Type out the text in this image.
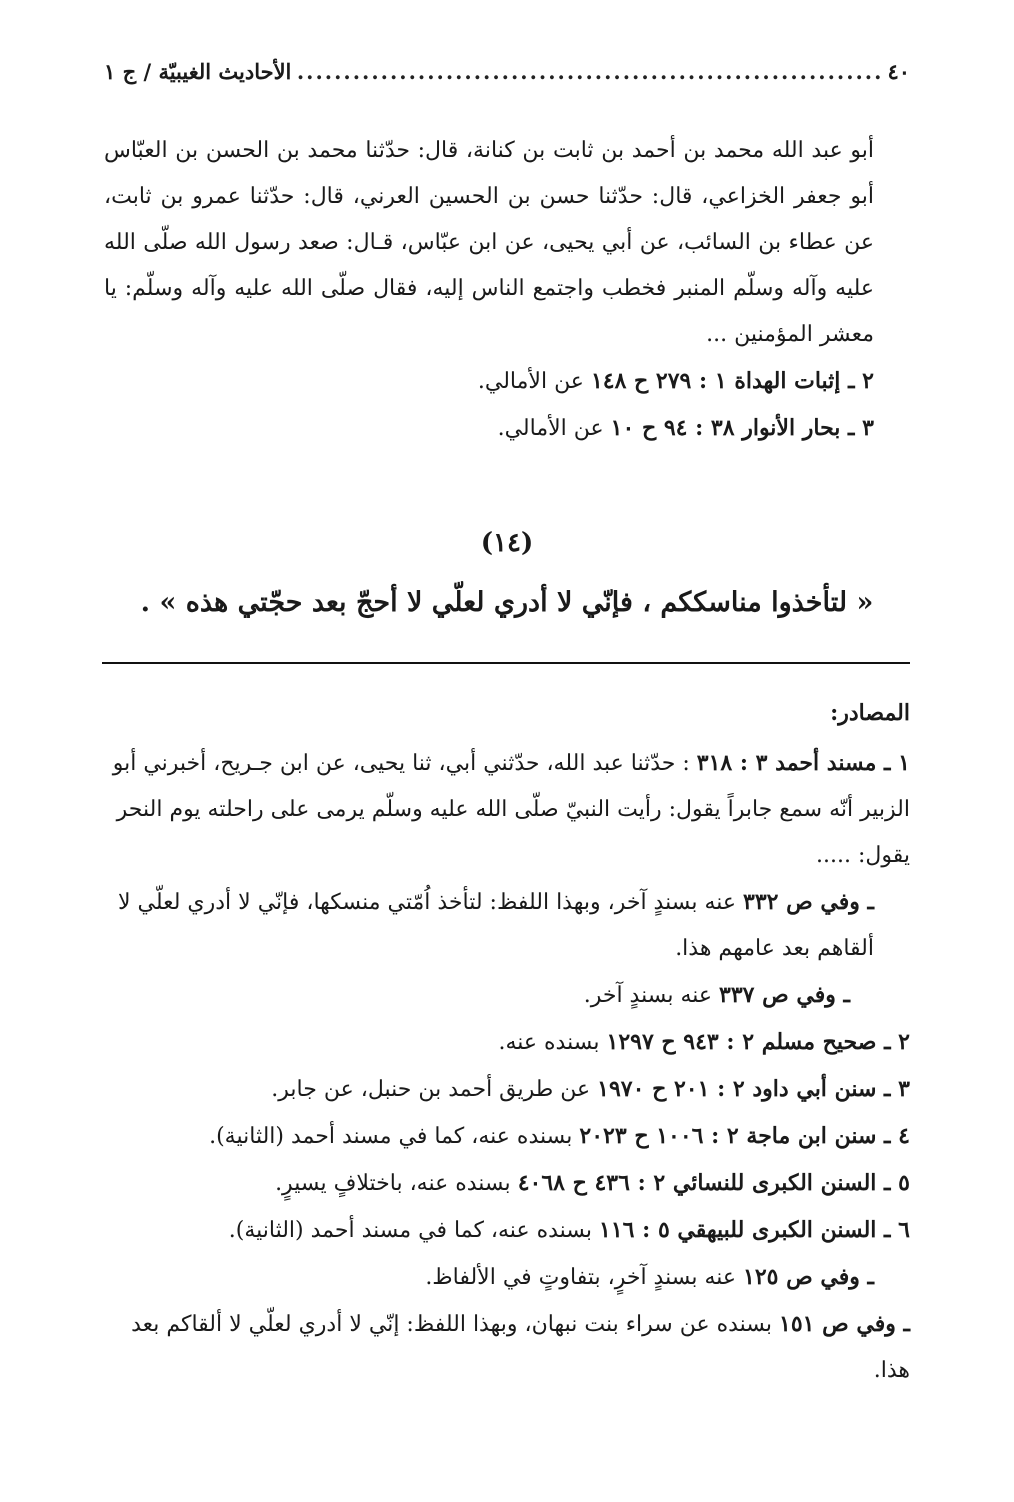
٤٠
.....
الأحاديث الغيبيّة / ج ١

أبو عبد الله محمد بن أحمد بن ثابت بن كنانة، قال: حدّثنا محمد بن الحسن بن العبّاس أبو جعفر الخزاعي، قال: حدّثنا حسن بن الحسين العرني، قال: حدّثنا عمرو بن ثابت، عن عطاء بن السائب، عن أبي يحيى، عن ابن عبّاس، قـال: صعد رسول الله صلّى الله عليه وآله وسلّم المنبر فخطب واجتمع الناس إليه، فقال صلّى الله عليه وآله وسلّم: يا معشر المؤمنين ...

٢ ـ إثبات الهداة ١ : ٢٧٩ ح ١٤٨ عن الأمالي.

٣ ـ بحار الأنوار ٣٨ : ٩٤ ح ١٠ عن الأمالي.

(١٤)
« لتأخذوا مناسككم ، فإنّي لا أدري لعلّي لا أحجّ بعد حجّتي هذه » .
المصادر:

١ ـ مسند أحمد ٣ : ٣١٨ : حدّثنا عبد الله، حدّثني أبي، ثنا يحيى، عن ابن جـريح، أخبرني أبو الزبير أنّه سمع جابراً يقول: رأيت النبيّ صلّى الله عليه وسلّم يرمى على راحلته يوم النحر يقول: .....

ـ وفي ص ٣٣٢ عنه بسندٍ آخر، وبهذا اللفظ: لتأخذ اُمّتي منسكها، فإنّي لا أدري لعلّي لا ألقاهم بعد عامهم هذا.

ـ وفي ص ٣٣٧ عنه بسندٍ آخر.

٢ ـ صحيح مسلم ٢ : ٩٤٣ ح ١٢٩٧ بسنده عنه.

٣ ـ سنن أبي داود ٢ : ٢٠١ ح ١٩٧٠ عن طريق أحمد بن حنبل، عن جابر.

٤ ـ سنن ابن ماجة ٢ : ١٠٠٦ ح ٢٠٢٣ بسنده عنه، كما في مسند أحمد (الثانية).

٥ ـ السنن الكبرى للنسائي ٢ : ٤٣٦ ح ٤٠٦٨ بسنده عنه، باختلافٍ يسيرٍ.

٦ ـ السنن الكبرى للبيهقي ٥ : ١١٦ بسنده عنه، كما في مسند أحمد (الثانية).

ـ وفي ص ١٢٥ عنه بسندٍ آخرٍ، بتفاوتٍ في الألفاظ.

ـ وفي ص ١٥١ بسنده عن سراء بنت نبهان، وبهذا اللفظ: إنّي لا أدري لعلّي لا ألقاكم بعد هذا.
